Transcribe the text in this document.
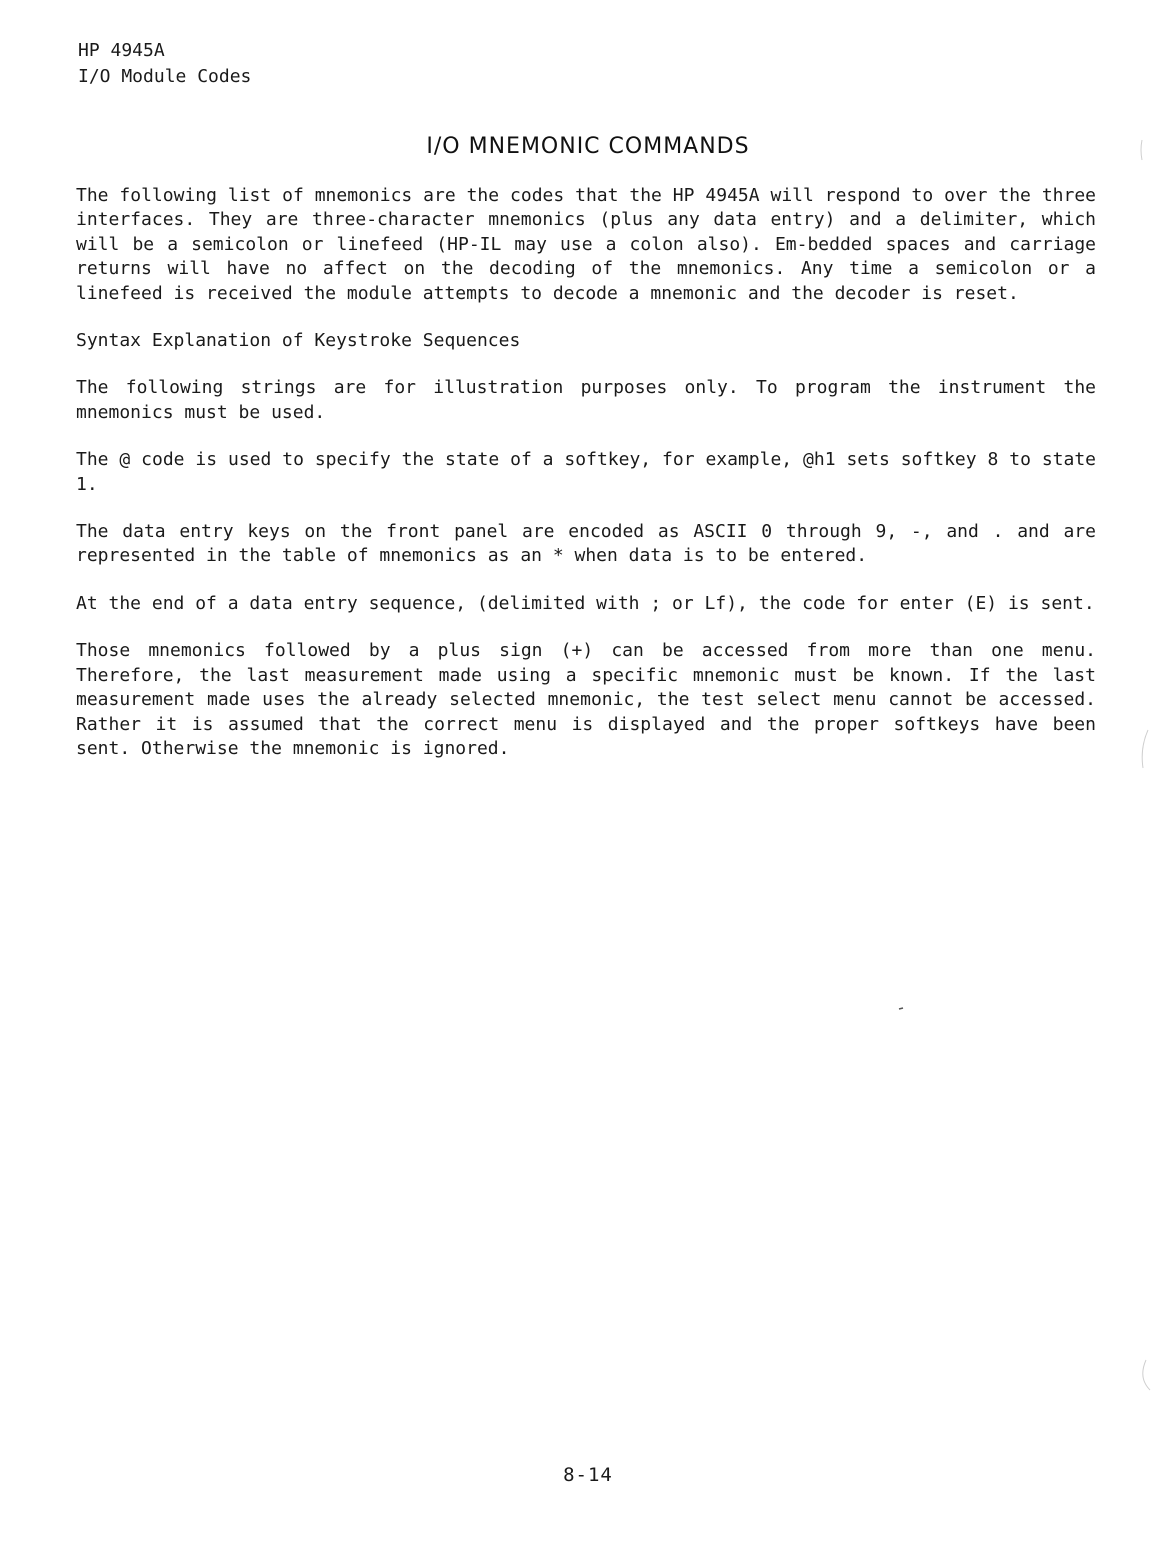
HP 4945A
I/O Module Codes
I/O MNEMONIC COMMANDS

The following list of mnemonics are the codes that the HP 4945A will respond to over the three interfaces. They are three-character mnemonics (plus any data entry) and a delimiter, which will be a semicolon or linefeed (HP-IL may use a colon also). Em-bedded spaces and carriage returns will have no affect on the decoding of the mnemonics. Any time a semicolon or a linefeed is received the module attempts to decode a mnemonic and the decoder is reset.

Syntax Explanation of Keystroke Sequences

The following strings are for illustration purposes only. To program the instrument the mnemonics must be used.

The @ code is used to specify the state of a softkey, for example, @h1 sets softkey 8 to state 1.

The data entry keys on the front panel are encoded as ASCII 0 through 9, -, and . and are represented in the table of mnemonics as an * when data is to be entered.

At the end of a data entry sequence, (delimited with ; or Lf), the code for enter (E) is sent.

Those mnemonics followed by a plus sign (+) can be accessed from more than one menu. Therefore, the last measurement made using a specific mnemonic must be known. If the last measurement made uses the already selected mnemonic, the test select menu cannot be accessed. Rather it is assumed that the correct menu is displayed and the proper softkeys have been sent. Otherwise the mnemonic is ignored.

8-14
